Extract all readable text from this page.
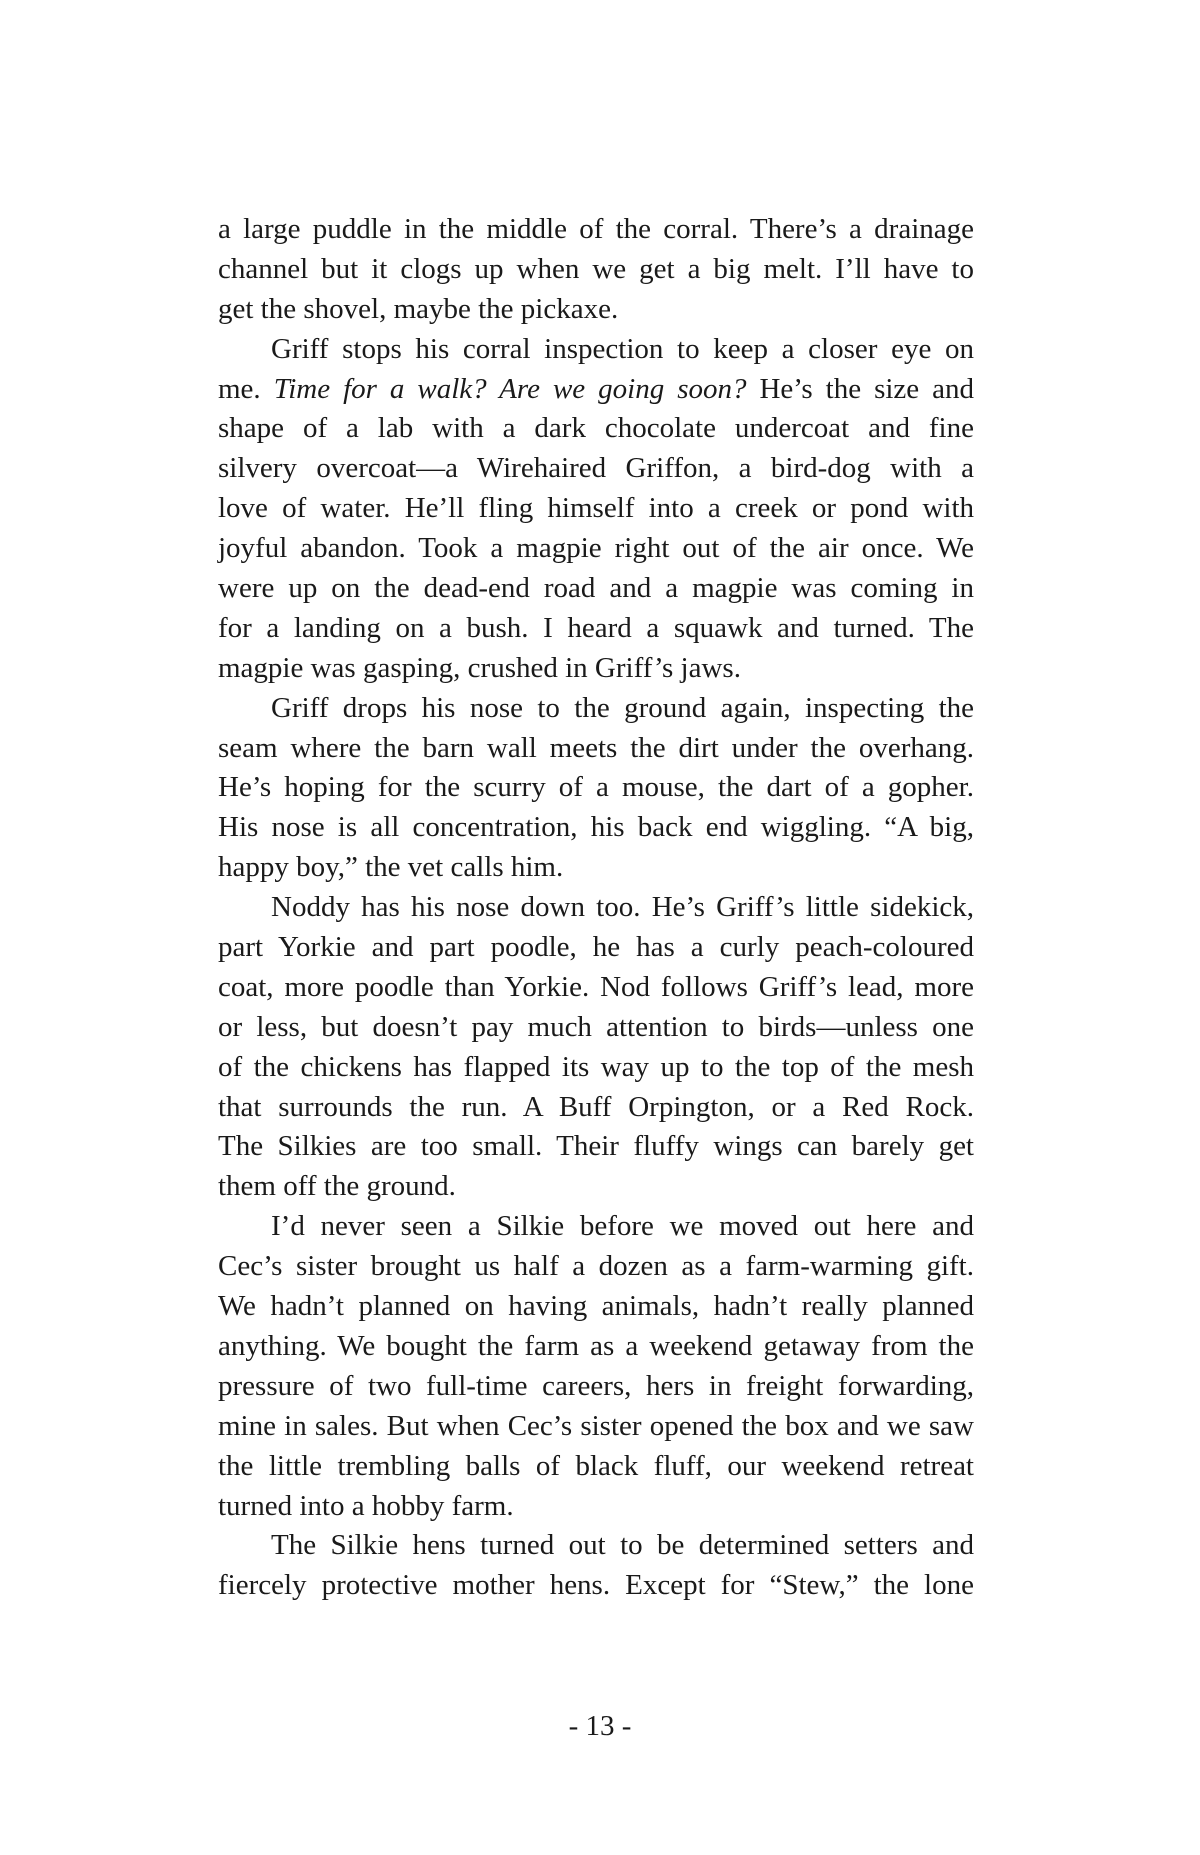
a large puddle in the middle of the corral. There’s a drainage
channel but it clogs up when we get a big melt. I’ll have to
get the shovel, maybe the pickaxe.
Griff stops his corral inspection to keep a closer eye on
me. Time for a walk? Are we going soon? He’s the size and
shape of a lab with a dark chocolate undercoat and fine
silvery overcoat—a Wirehaired Griffon, a bird-dog with a
love of water. He’ll fling himself into a creek or pond with
joyful abandon. Took a magpie right out of the air once. We
were up on the dead-end road and a magpie was coming in
for a landing on a bush. I heard a squawk and turned. The
magpie was gasping, crushed in Griff’s jaws.
Griff drops his nose to the ground again, inspecting the
seam where the barn wall meets the dirt under the overhang.
He’s hoping for the scurry of a mouse, the dart of a gopher.
His nose is all concentration, his back end wiggling. “A big,
happy boy,” the vet calls him.
Noddy has his nose down too. He’s Griff’s little sidekick,
part Yorkie and part poodle, he has a curly peach-coloured
coat, more poodle than Yorkie. Nod follows Griff’s lead, more
or less, but doesn’t pay much attention to birds—unless one
of the chickens has flapped its way up to the top of the mesh
that surrounds the run. A Buff Orpington, or a Red Rock.
The Silkies are too small. Their fluffy wings can barely get
them off the ground.
I’d never seen a Silkie before we moved out here and
Cec’s sister brought us half a dozen as a farm-warming gift.
We hadn’t planned on having animals, hadn’t really planned
anything. We bought the farm as a weekend getaway from the
pressure of two full-time careers, hers in freight forwarding,
mine in sales. But when Cec’s sister opened the box and we saw
the little trembling balls of black fluff, our weekend retreat
turned into a hobby farm.
The Silkie hens turned out to be determined setters and
fiercely protective mother hens. Except for “Stew,” the lone
- 13 -
